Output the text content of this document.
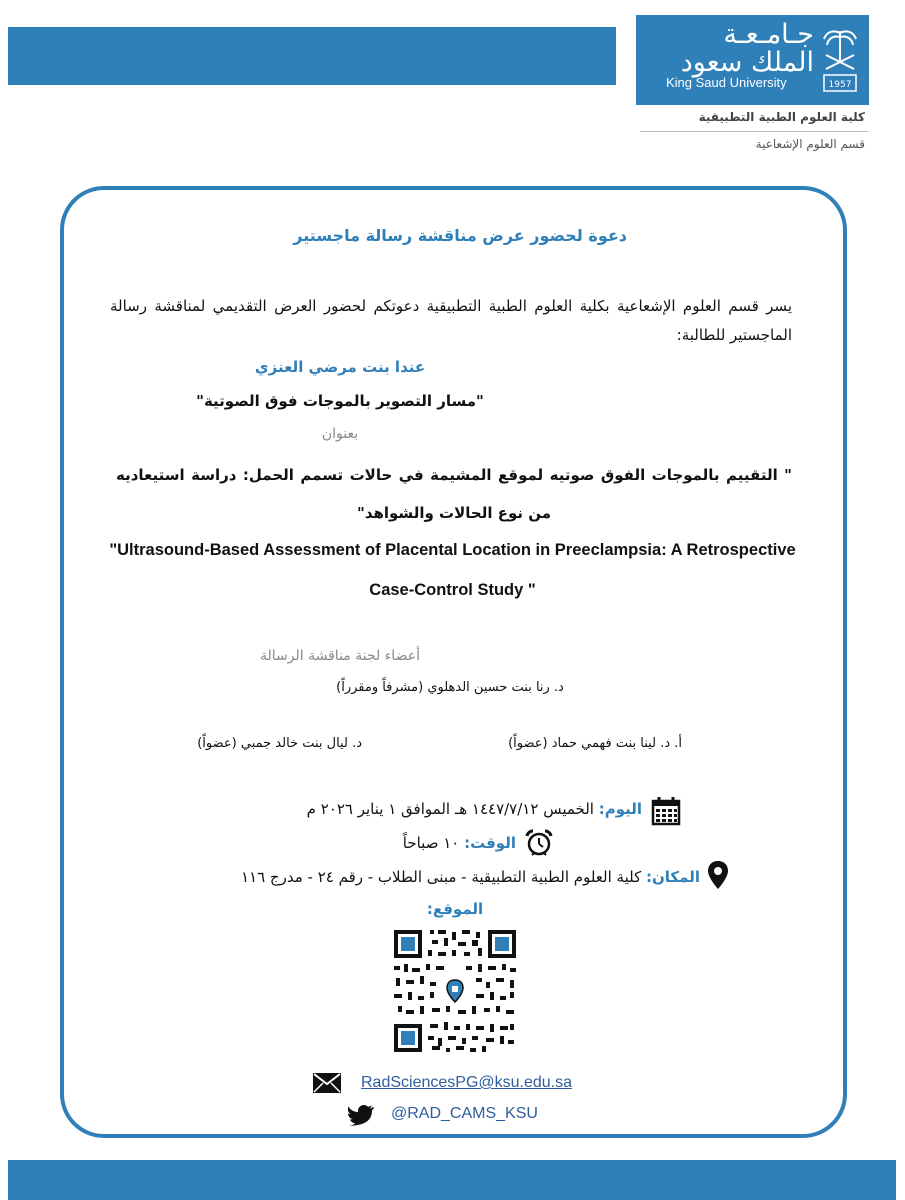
جـامـعـة الملك سعود
King Saud University	1957
كلية العلوم الطبية التطبيقية
قسم العلوم الإشعاعية
دعوة لحضور عرض مناقشة رسالة ماجستير
يسر قسم العلوم الإشعاعية بكلية العلوم الطبية التطبيقية دعوتكم لحضور العرض التقديمي لمناقشة رسالة الماجستير للطالبة:
عندا بنت مرضي العنزي
"مسار التصوير بالموجات فوق الصوتية"
بعنوان
" التقييم بالموجات الفوق صوتيه لموقع المشيمة في حالات تسمم الحمل: دراسة استيعاديه من نوع الحالات والشواهد"
"Ultrasound-Based Assessment of Placental Location in Preeclampsia: A Retrospective Case-Control Study "
أعضاء لجنة مناقشة الرسالة
د. رنا بنت حسين الدهلوي (مشرفاً ومقرراً)
أ. د. لينا بنت فهمي حماد (عضواً)
د. ليال بنت خالد جمبي (عضواً)
اليوم: الخميس ١٤٤٧/٧/١٢ هـ الموافق ١ يناير ٢٠٢٦ م
الوقت: ١٠ صباحاً
المكان: كلية العلوم الطبية التطبيقية - مبنى الطلاب - رقم ٢٤ - مدرج ١١٦
الموقع:
RadSciencesPG@ksu.edu.sa
@RAD_CAMS_KSU
